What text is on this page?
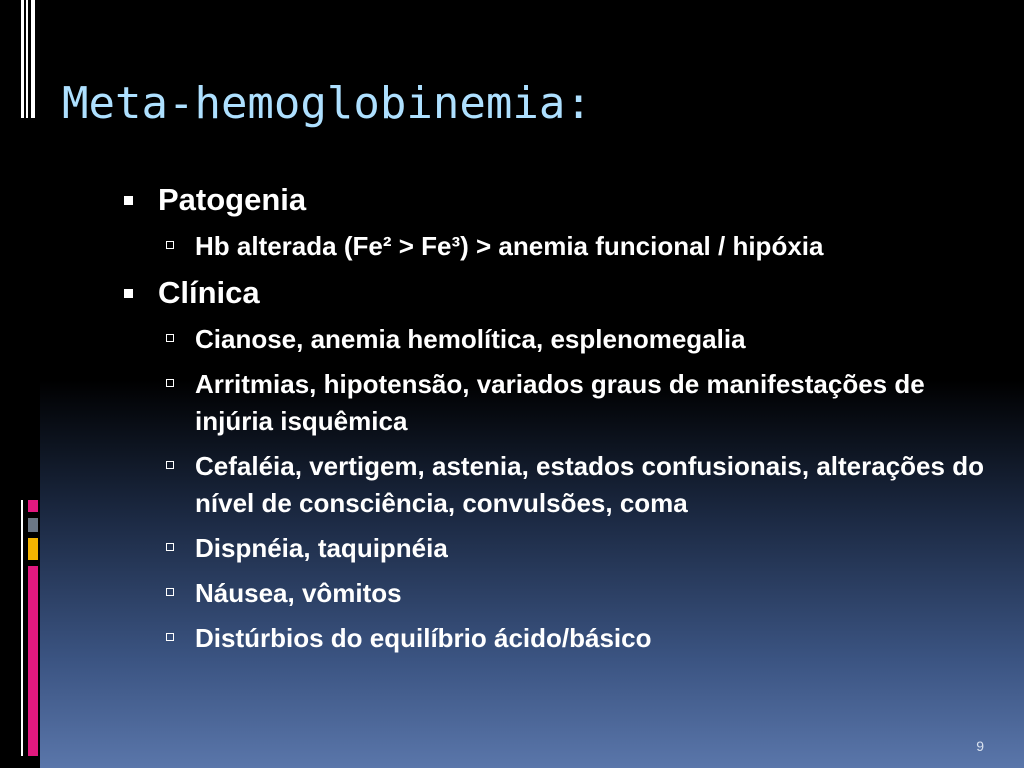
Meta-hemoglobinemia:
Patogenia
Hb alterada (Fe² > Fe³) > anemia funcional / hipóxia
Clínica
Cianose, anemia hemolítica, esplenomegalia
Arritmias, hipotensão, variados graus de manifestações de injúria isquêmica
Cefaléia, vertigem, astenia, estados confusionais, alterações do nível de consciência, convulsões, coma
Dispnéia, taquipnéia
Náusea, vômitos
Distúrbios do equilíbrio ácido/básico
9
